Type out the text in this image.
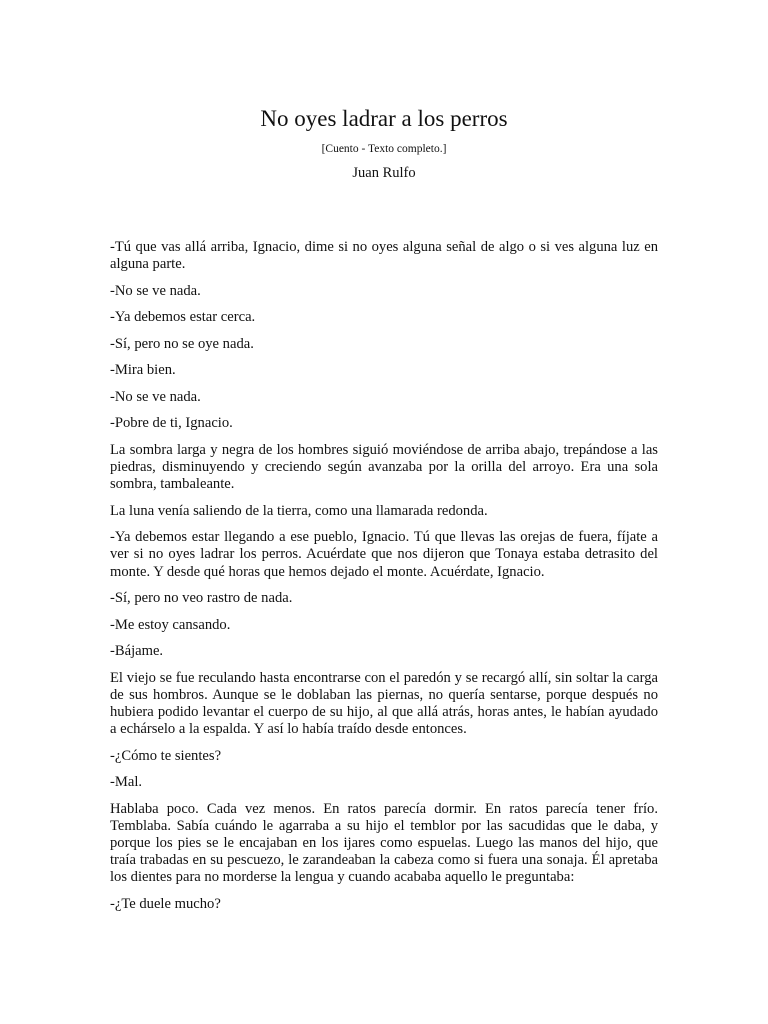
No oyes ladrar a los perros
[Cuento - Texto completo.]
Juan Rulfo

-Tú que vas allá arriba, Ignacio, dime si no oyes alguna señal de algo o si ves alguna luz en alguna parte.

-No se ve nada.

-Ya debemos estar cerca.

-Sí, pero no se oye nada.

-Mira bien.

-No se ve nada.

-Pobre de ti, Ignacio.

La sombra larga y negra de los hombres siguió moviéndose de arriba abajo, trepándose a las piedras, disminuyendo y creciendo según avanzaba por la orilla del arroyo. Era una sola sombra, tambaleante.

La luna venía saliendo de la tierra, como una llamarada redonda.

-Ya debemos estar llegando a ese pueblo, Ignacio. Tú que llevas las orejas de fuera, fíjate a ver si no oyes ladrar los perros. Acuérdate que nos dijeron que Tonaya estaba detrasito del monte. Y desde qué horas que hemos dejado el monte. Acuérdate, Ignacio.

-Sí, pero no veo rastro de nada.

-Me estoy cansando.

-Bájame.

El viejo se fue reculando hasta encontrarse con el paredón y se recargó allí, sin soltar la carga de sus hombros. Aunque se le doblaban las piernas, no quería sentarse, porque después no hubiera podido levantar el cuerpo de su hijo, al que allá atrás, horas antes, le habían ayudado a echárselo a la espalda. Y así lo había traído desde entonces.

-¿Cómo te sientes?

-Mal.

Hablaba poco. Cada vez menos. En ratos parecía dormir. En ratos parecía tener frío. Temblaba. Sabía cuándo le agarraba a su hijo el temblor por las sacudidas que le daba, y porque los pies se le encajaban en los ijares como espuelas. Luego las manos del hijo, que traía trabadas en su pescuezo, le zarandeaban la cabeza como si fuera una sonaja. Él apretaba los dientes para no morderse la lengua y cuando acababa aquello le preguntaba:

-¿Te duele mucho?
